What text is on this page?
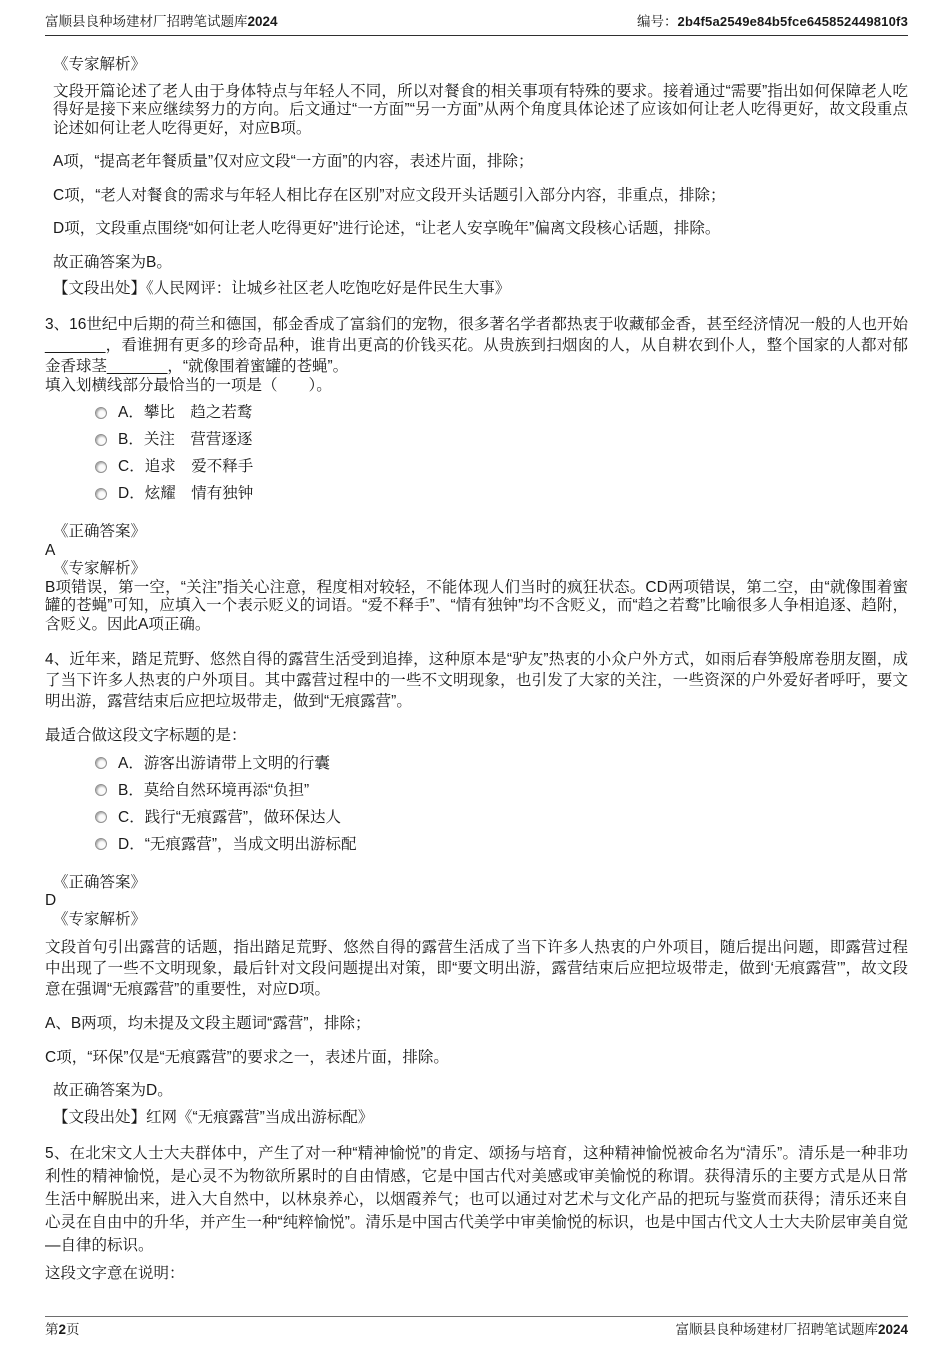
富顺县良种场建材厂招聘笔试题库2024	编号：2b4f5a2549e84b5fce645852449810f3
《专家解析》

文段开篇论述了老人由于身体特点与年轻人不同，所以对餐食的相关事项有特殊的要求。接着通过“需要”指出如何保障老人吃得好是接下来应继续努力的方向。后文通过“一方面”“另一方面”从两个角度具体论述了应该如何让老人吃得更好，故文段重点论述如何让老人吃得更好，对应B项。

A项，“提高老年餐质量”仅对应文段“一方面”的内容，表述片面，排除；

C项，“老人对餐食的需求与年轻人相比存在区别”对应文段开头话题引入部分内容，非重点，排除；

D项，文段重点围绕“如何让老人吃得更好”进行论述，“让老人安享晚年”偏离文段核心话题，排除。

故正确答案为B。

【文段出处】《人民网评：让城乡社区老人吃饱吃好是件民生大事》

3、16世纪中后期的荷兰和德国，郁金香成了富翁们的宠物，很多著名学者都热衷于收藏郁金香，甚至经济情况一般的人也开始_______，看谁拥有更多的珍奇品种，谁肯出更高的价钱买花。从贵族到扫烟囱的人，从自耕农到仆人，整个国家的人都对郁金香球茎_______，“就像围着蜜罐的苍蝇”。

填入划横线部分最恰当的一项是（　　）。

A．攀比　趋之若鹜
B．关注　营营逐逐
C．追求　爱不释手
D．炫耀　情有独钟
《正确答案》
A
《专家解析》

B项错误，第一空，“关注”指关心注意，程度相对较轻，不能体现人们当时的疯狂状态。CD两项错误，第二空，由“就像围着蜜罐的苍蝇”可知，应填入一个表示贬义的词语。“爱不释手”、“情有独钟”均不含贬义，而“趋之若鹜”比喻很多人争相追逐、趋附，含贬义。因此A项正确。

4、近年来，踏足荒野、悠然自得的露营生活受到追捧，这种原本是“驴友”热衷的小众户外方式，如雨后春笋般席卷朋友圈，成了当下许多人热衷的户外项目。其中露营过程中的一些不文明现象，也引发了大家的关注，一些资深的户外爱好者呼吁，要文明出游，露营结束后应把垃圾带走，做到“无痕露营”。

最适合做这段文字标题的是：

A．游客出游请带上文明的行囊
B．莫给自然环境再添“负担”
C．践行“无痕露营”，做环保达人
D．“无痕露营”，当成文明出游标配
《正确答案》
D
《专家解析》

文段首句引出露营的话题，指出踏足荒野、悠然自得的露营生活成了当下许多人热衷的户外项目，随后提出问题，即露营过程中出现了一些不文明现象，最后针对文段问题提出对策，即“要文明出游，露营结束后应把垃圾带走，做到‘无痕露营’”，故文段意在强调“无痕露营”的重要性，对应D项。

A、B两项，均未提及文段主题词“露营”，排除；

C项，“环保”仅是“无痕露营”的要求之一，表述片面，排除。

故正确答案为D。

【文段出处】红网《“无痕露营”当成出游标配》

5、在北宋文人士大夫群体中，产生了对一种“精神愉悦”的肯定、颂扬与培育，这种精神愉悦被命名为“清乐”。清乐是一种非功利性的精神愉悦，是心灵不为物欲所累时的自由情感，它是中国古代对美感或审美愉悦的称谓。获得清乐的主要方式是从日常生活中解脱出来，进入大自然中，以林泉养心，以烟霞养气；也可以通过对艺术与文化产品的把玩与鉴赏而获得；清乐还来自心灵在自由中的升华，并产生一种“纯粹愉悦”。清乐是中国古代美学中审美愉悦的标识，也是中国古代文人士大夫阶层审美自觉—自律的标识。

这段文字意在说明：

第2页	富顺县良种场建材厂招聘笔试题库2024
